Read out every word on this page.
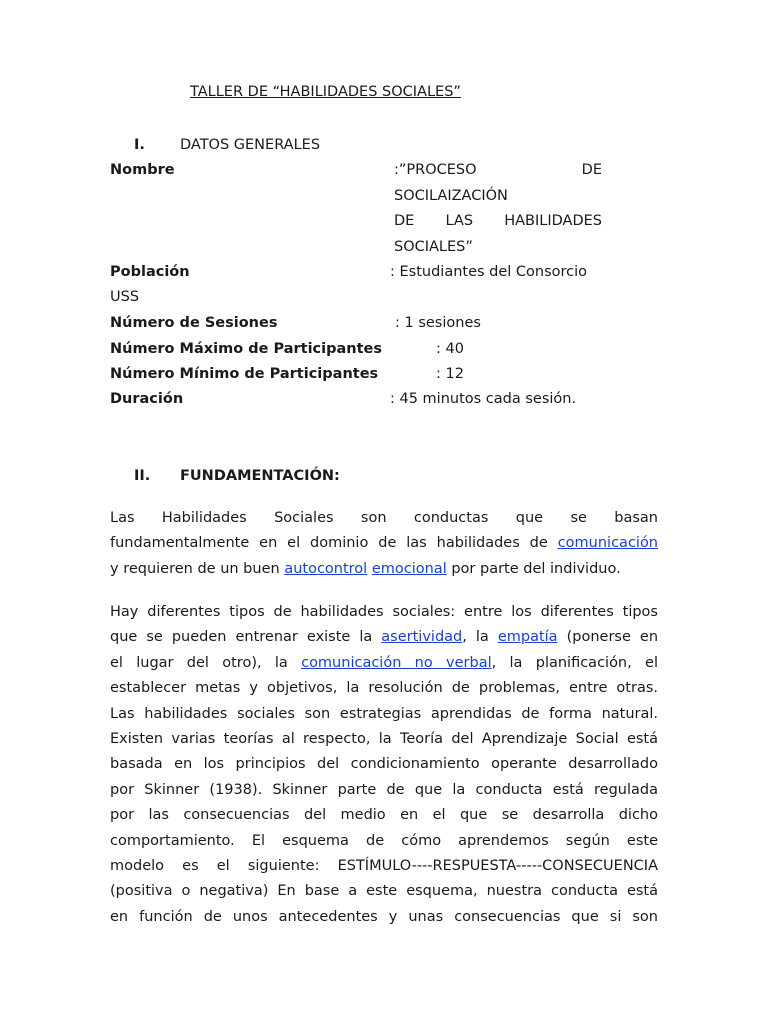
TALLER DE “HABILIDADES SOCIALES”
I. DATOS GENERALES
Nombre	:”PROCESO DE
SOCILAIZACIÓN
DE LAS HABILIDADES
SOCIALES”
Población	: Estudiantes del Consorcio
USS
Número de Sesiones	: 1 sesiones
Número Máximo de Participantes	: 40
Número Mínimo de Participantes	: 12
Duración	: 45 minutos cada sesión.
II. FUNDAMENTACIÓN:
Las Habilidades Sociales son conductas que se basan
fundamentalmente en el dominio de las habilidades de comunicación
y requieren de un buen autocontrol emocional por parte del individuo.
Hay diferentes tipos de habilidades sociales: entre los diferentes tipos
que se pueden entrenar existe la asertividad, la empatía (ponerse en
el lugar del otro), la comunicación no verbal, la planificación, el
establecer metas y objetivos, la resolución de problemas, entre otras.
Las habilidades sociales son estrategias aprendidas de forma natural.
Existen varias teorías al respecto, la Teoría del Aprendizaje Social está
basada en los principios del condicionamiento operante desarrollado
por Skinner (1938). Skinner parte de que la conducta está regulada
por las consecuencias del medio en el que se desarrolla dicho
comportamiento. El esquema de cómo aprendemos según este
modelo es el siguiente: ESTÍMULO----RESPUESTA-----CONSECUENCIA
(positiva o negativa) En base a este esquema, nuestra conducta está
en función de unos antecedentes y unas consecuencias que si son
